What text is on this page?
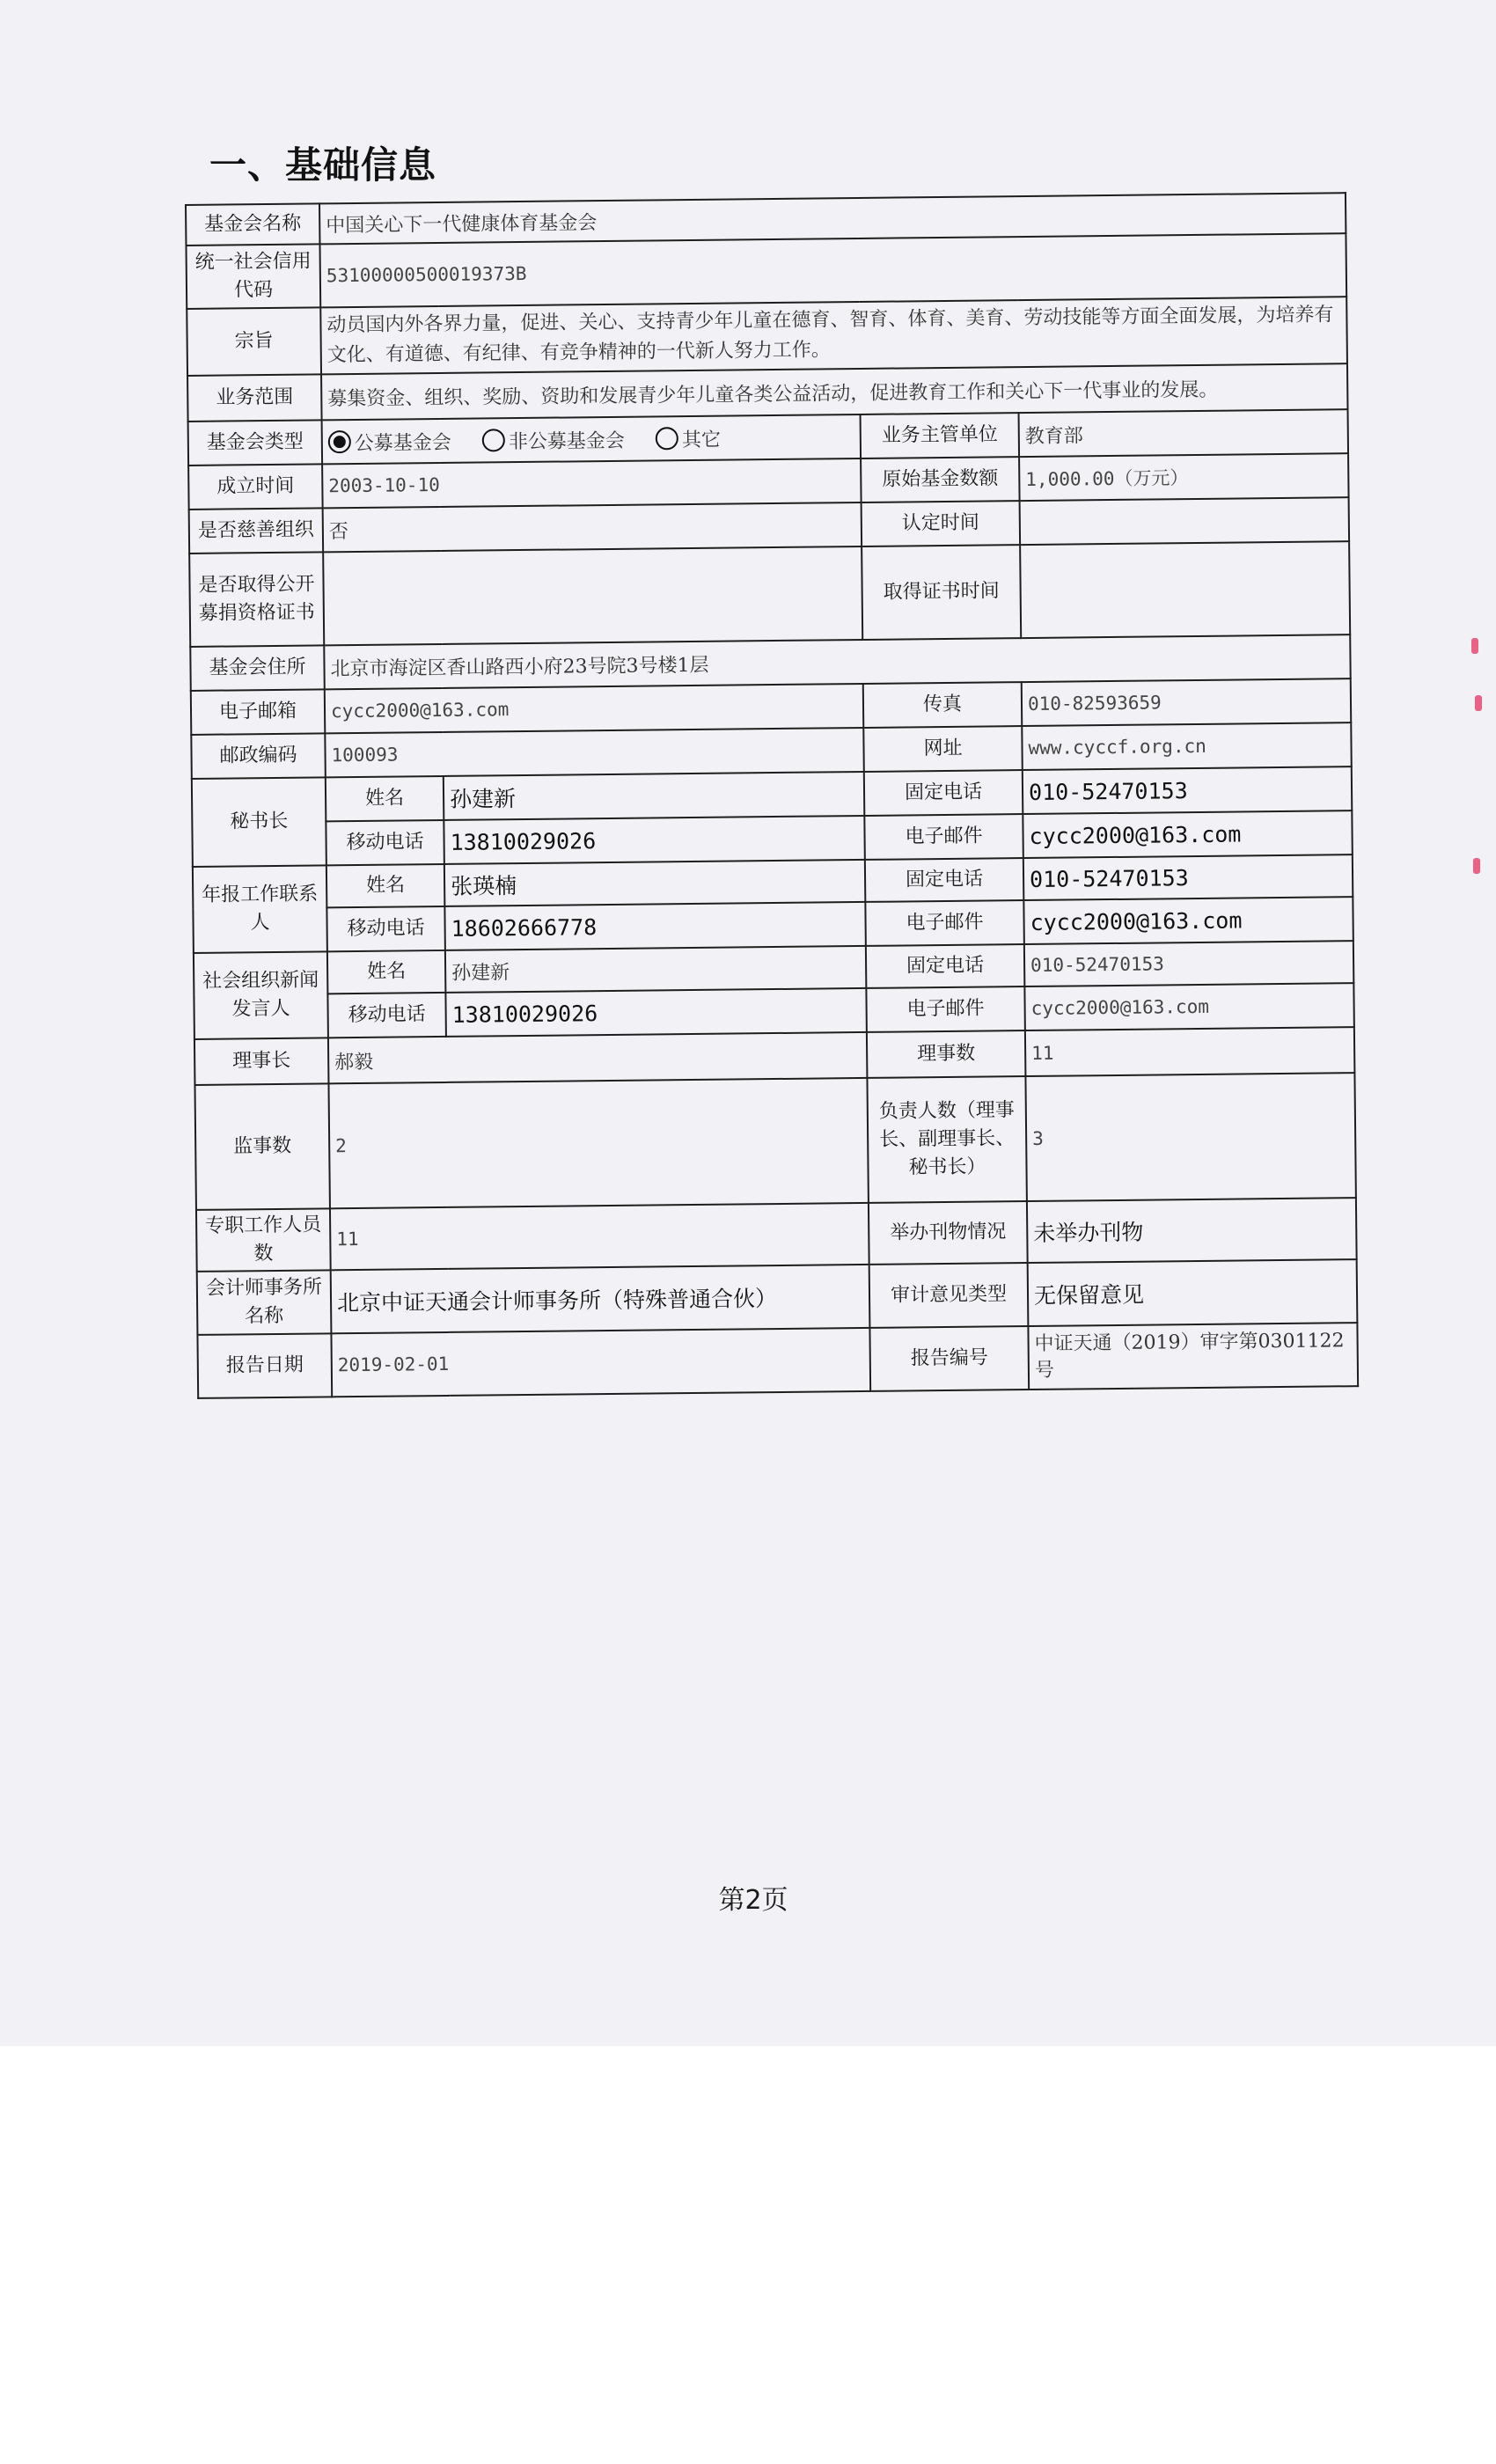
一、基础信息
基金会名称	中国关心下一代健康体育基金会			
统一社会信用代码	53100000500019373B			
宗旨	动员国内外各界力量，促进、关心、支持青少年儿童在德育、智育、体育、美育、劳动技能等方面全面发展，为培养有文化、有道德、有纪律、有竞争精神的一代新人努力工作。			
业务范围	募集资金、组织、奖励、资助和发展青少年儿童各类公益活动，促进教育工作和关心下一代事业的发展。			
基金会类型	公募基金会 非公募基金会 其它		业务主管单位	教育部
成立时间	2003-10-10		原始基金数额	1,000.00（万元）
是否慈善组织	否		认定时间	
是否取得公开募捐资格证书			取得证书时间	
基金会住所	北京市海淀区香山路西小府23号院3号楼1层			
电子邮箱	cycc2000@163.com		传真	010-82593659
邮政编码	100093		网址	www.cyccf.org.cn
秘书长	姓名	孙建新	固定电话	010-52470153
	移动电话	13810029026	电子邮件	cycc2000@163.com
年报工作联系人	姓名	张瑛楠	固定电话	010-52470153
	移动电话	18602666778	电子邮件	cycc2000@163.com
社会组织新闻发言人	姓名	孙建新	固定电话	010-52470153
	移动电话	13810029026	电子邮件	cycc2000@163.com
理事长	郝毅		理事数	11
监事数	2		负责人数（理事长、副理事长、秘书长）	3
专职工作人员数	11		举办刊物情况	未举办刊物
会计师事务所名称	北京中证天通会计师事务所（特殊普通合伙）		审计意见类型	无保留意见
报告日期	2019-02-01		报告编号	中证天通（2019）审字第0301122号
第2页
